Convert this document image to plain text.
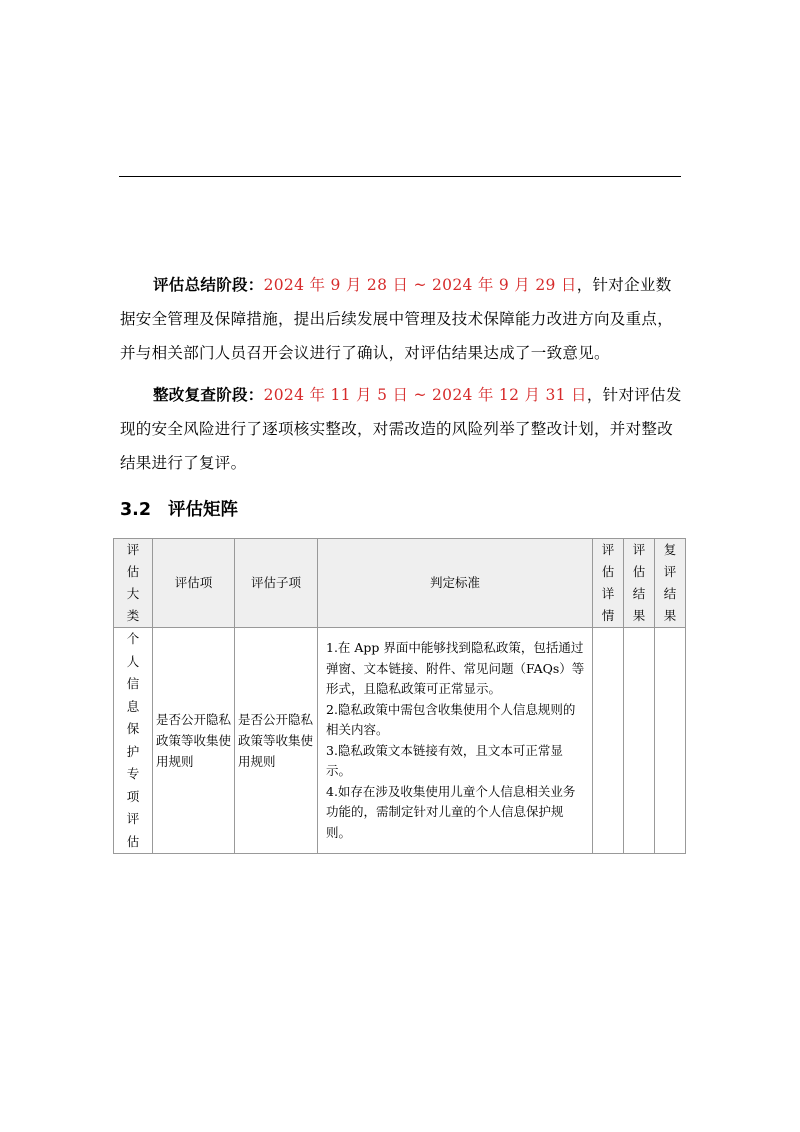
评估总结阶段：2024 年 9 月 28 日 ~ 2024 年 9 月 29 日，针对企业数据安全管理及保障措施，提出后续发展中管理及技术保障能力改进方向及重点，并与相关部门人员召开会议进行了确认，对评估结果达成了一致意见。
整改复查阶段：2024 年 11 月 5 日 ~ 2024 年 12 月 31 日，针对评估发现的安全风险进行了逐项核实整改，对需改造的风险列举了整改计划，并对整改结果进行了复评。
3.2 评估矩阵
评估大类	评估项	评估子项	判定标准	评估详情	评估结果	复评结果

个人信息保护专项评估	是否公开隐私政策等收集使用规则	是否公开隐私政策等收集使用规则	1.在 App 界面中能够找到隐私政策，包括通过弹窗、文本链接、附件、常见问题（FAQs）等形式，且隐私政策可正常显示。
2.隐私政策中需包含收集使用个人信息规则的相关内容。
3.隐私政策文本链接有效，且文本可正常显示。
4.如存在涉及收集使用儿童个人信息相关业务功能的，需制定针对儿童的个人信息保护规则。			
